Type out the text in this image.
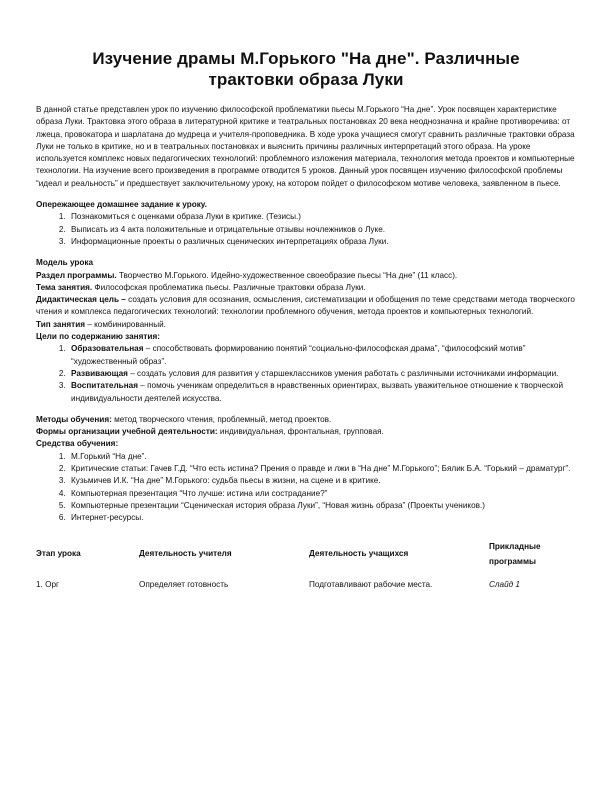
Изучение драмы М.Горького "На дне". Различные
трактовки образа Луки

В данной статье представлен урок по изучению философской проблематики пьесы М.Горького “На дне”. Урок посвящен характеристике образа Луки. Трактовка этого образа в литературной критике и театральных постановках 20 века неоднозначна и крайне противоречива: от лжеца, провокатора и шарлатана до мудреца и учителя-проповедника. В ходе урока учащиеся смогут сравнить различные трактовки образа Луки не только в критике, но и в театральных постановках и выяснить причины различных интерпретаций этого образа. На уроке используется комплекс новых педагогических технологий: проблемного изложения материала, технология метода проектов и компьютерные технологии. На изучение всего произведения в программе отводится 5 уроков. Данный урок посвящен изучению философской проблемы “идеал и реальность” и предшествует заключительному уроку, на котором пойдет о философском мотиве человека, заявленном в пьесе.

Опережающее домашнее задание к уроку.

1. Познакомиться с оценками образа Луки в критике. (Тезисы.)
2. Выписать из 4 акта положительные и отрицательные отзывы ночлежников о Луке.
3. Информационные проекты о различных сценических интерпретациях образа Луки.

Модель урока

Раздел программы. Творчество М.Горького. Идейно-художественное своеобразие пьесы “На дне” (11 класс).

Тема занятия. Философская проблематика пьесы. Различные трактовки образа Луки.

Дидактическая цель – создать условия для осознания, осмысления, систематизации и обобщения по теме средствами метода творческого чтения и комплекса педагогических технологий: технологии проблемного обучения, метода проектов и компьютерных технологий.

Тип занятия – комбинированный.

Цели по содержанию занятия:

1. Образовательная – способствовать формированию понятий “социально-философская драма”, “философский мотив” “художественный образ”.
2. Развивающая – создать условия для развития у старшеклассников умения работать с различными источниками информации.
3. Воспитательная – помочь ученикам определиться в нравственных ориентирах, вызвать уважительное отношение к творческой индивидуальности деятелей искусства.

Методы обучения: метод творческого чтения, проблемный, метод проектов.

Формы организации учебной деятельности: индивидуальная, фронтальная, групповая.

Средства обучения:

1. М.Горький “На дне”.
2. Критические статьи: Гачев Г.Д. “Что есть истина? Прения о правде и лжи в “На дне” М.Горького”; Бялик Б.А. “Горький – драматург”.
3. Кузьмичев И.К. “На дне” М.Горького: судьба пьесы в жизни, на сцене и в критике.
4. Компьютерная презентация “Что лучше: истина или сострадание?”
5. Компьютерные презентации “Сценическая история образа Луки”, “Новая жизнь образа” (Проекты учеников.)
6. Интернет-ресурсы.
Этап урока	Деятельность учителя	Деятельность учащихся	Прикладные программы
1. Орг	Определяет готовность	Подготавливают рабочие места.	Слайд 1
